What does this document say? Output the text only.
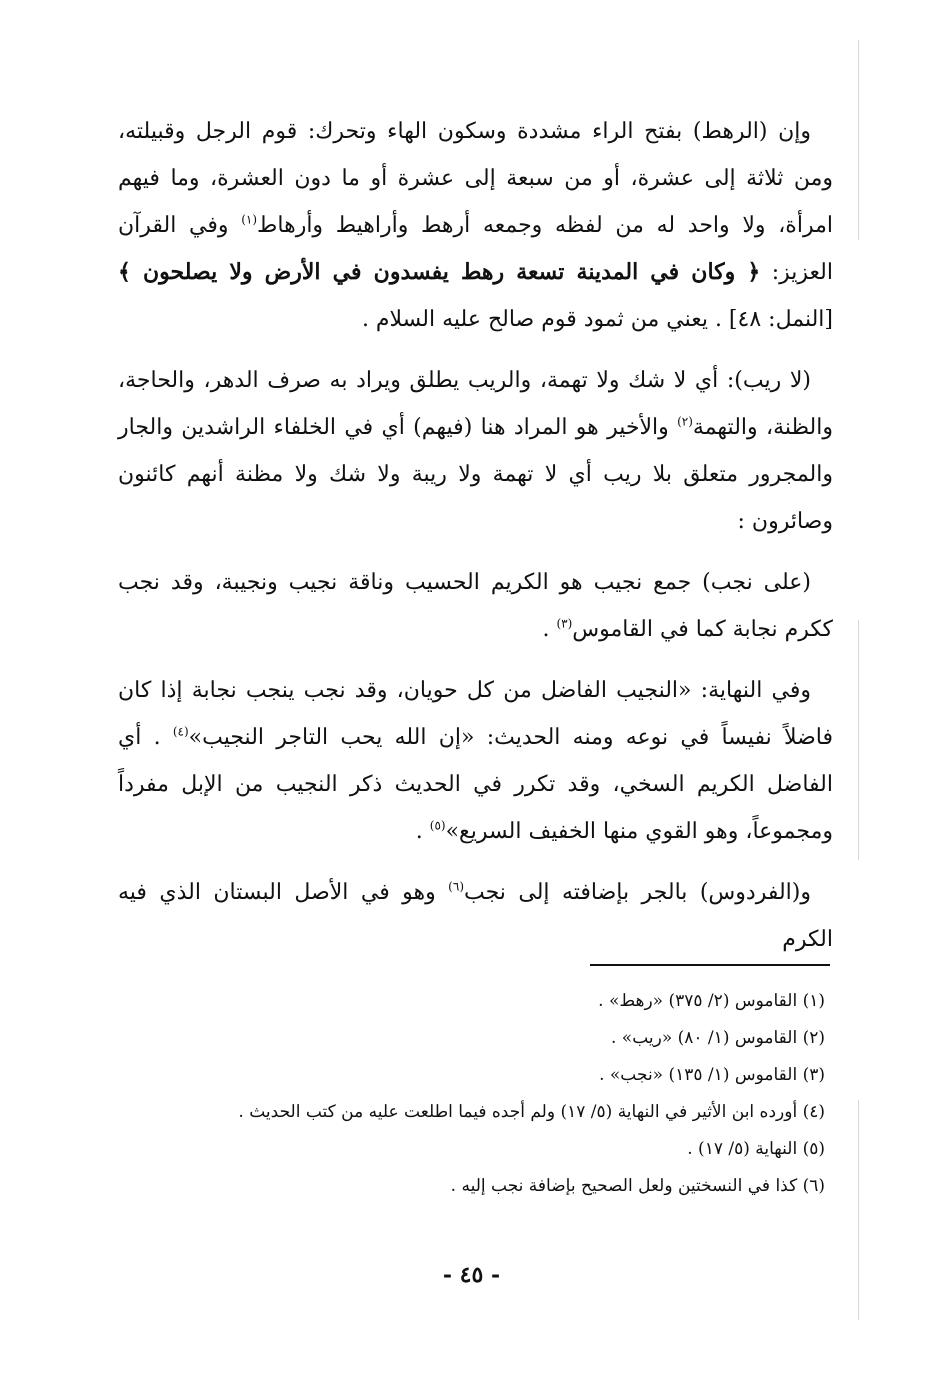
وإن (الرهط) بفتح الراء مشددة وسكون الهاء وتحرك: قوم الرجل وقبيلته، ومن ثلاثة إلى عشرة، أو من سبعة إلى عشرة أو ما دون العشرة، وما فيهم امرأة، ولا واحد له من لفظه وجمعه أرهط وأراهيط وأرهاط$^{(١)}$ وفي القرآن العزيز: ﴿ وكان في المدينة تسعة رهط يفسدون في الأرض ولا يصلحون ﴾ [النمل: ٤٨] . يعني من ثمود قوم صالح عليه السلام .

(لا ريب): أي لا شك ولا تهمة، والريب يطلق ويراد به صرف الدهر، والحاجة، والظنة، والتهمة$^{(٢)}$ والأخير هو المراد هنا (فيهم) أي في الخلفاء الراشدين والجار والمجرور متعلق بلا ريب أي لا تهمة ولا ريبة ولا شك ولا مظنة أنهم كائنون وصائرون :

(على نجب) جمع نجيب هو الكريم الحسيب وناقة نجيب ونجيبة، وقد نجب ككرم نجابة كما في القاموس$^{(٣)}$ .

وفي النهاية: «النجيب الفاضل من كل حويان، وقد نجب ينجب نجابة إذا كان فاضلاً نفيساً في نوعه ومنه الحديث: «إن الله يحب التاجر النجيب»$^{(٤)}$ . أي الفاضل الكريم السخي، وقد تكرر في الحديث ذكر النجيب من الإبل مفرداً ومجموعاً، وهو القوي منها الخفيف السريع»$^{(٥)}$ .

و(الفردوس) بالجر بإضافته إلى نجب$^{(٦)}$ وهو في الأصل البستان الذي فيه الكرم

(١) القاموس (٢/ ٣٧٥) «رهط» .
(٢) القاموس (١/ ٨٠) «ريب» .
(٣) القاموس (١/ ١٣٥) «نجب» .
(٤) أورده ابن الأثير في النهاية (٥/ ١٧) ولم أجده فيما اطلعت عليه من كتب الحديث .
(٥) النهاية (٥/ ١٧) .
(٦) كذا في النسختين ولعل الصحيح بإضافة نجب إليه .
- ٤٥ -
